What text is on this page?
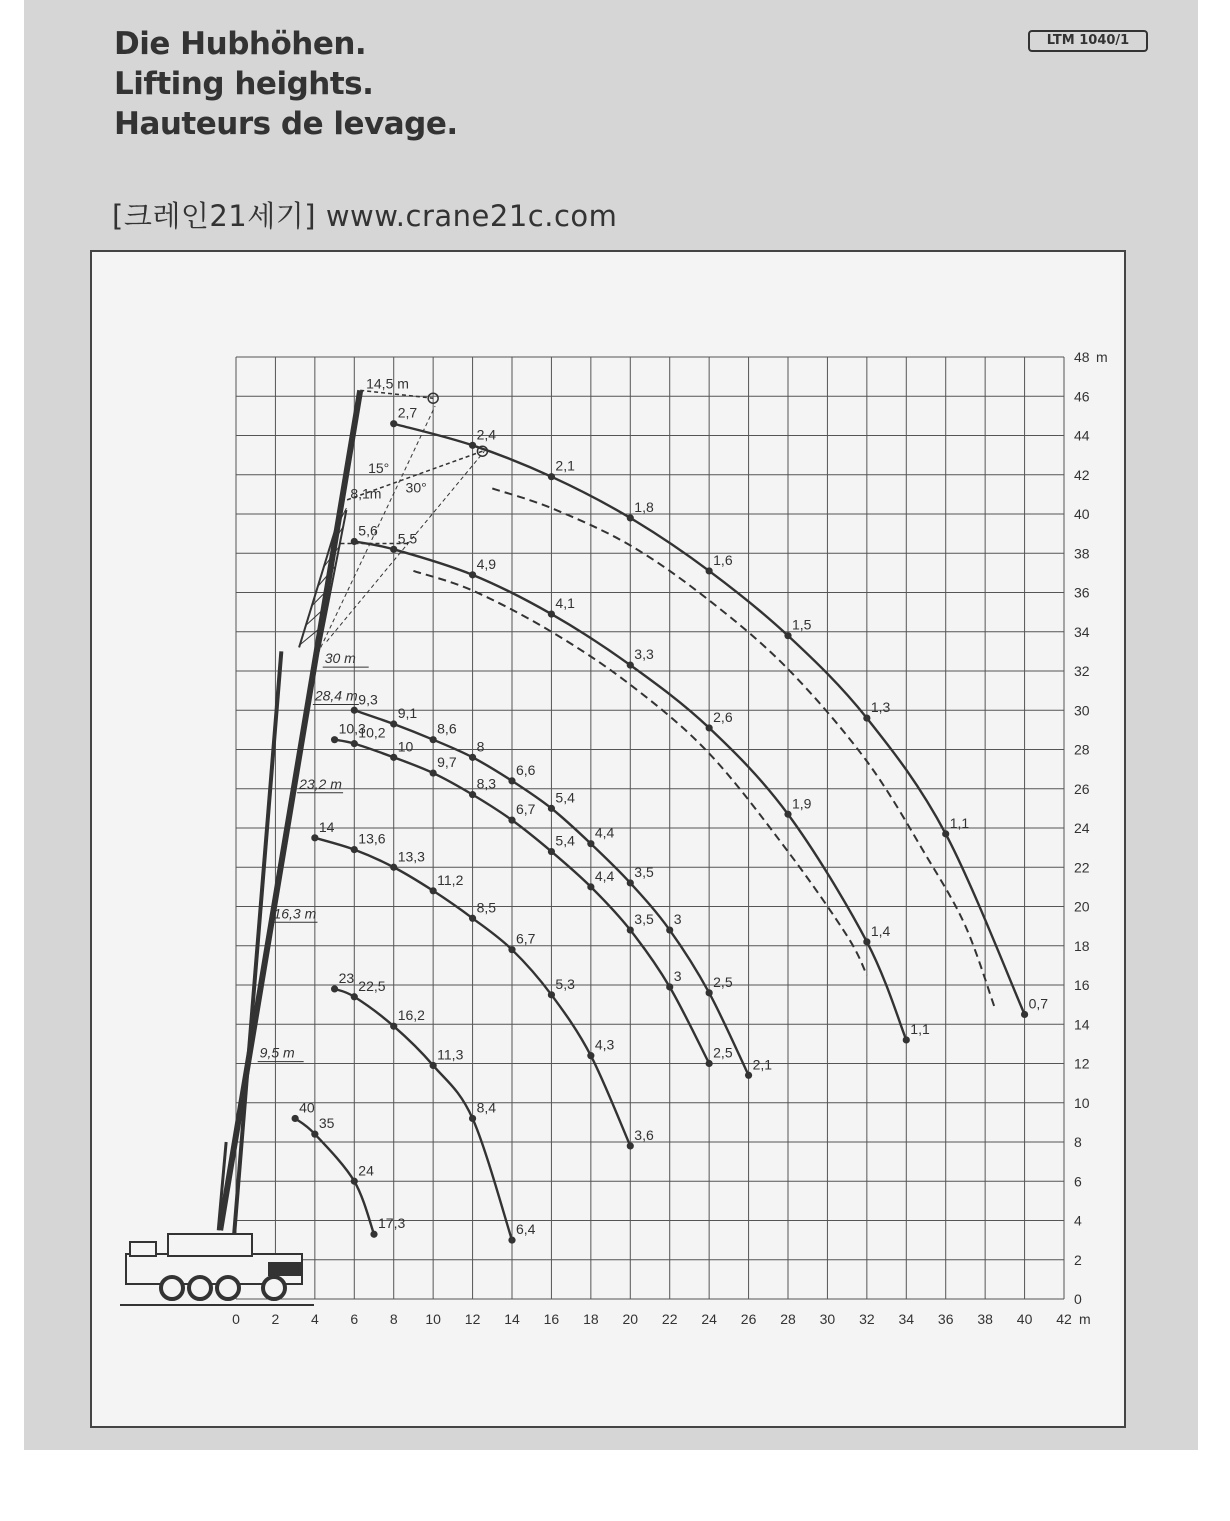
Die Hubhöhen.
Lifting heights.
Hauteurs de levage.
LTM 1040/1
[크레인21세기] www.crane21c.com
9,5 m
16,3 m
23,2 m
28,4 m
30 m
8,1m
14,5 m
15°
30°
40
35
24
17,3
23 22,5
16,2
11,3
8,4
6,4
14
13,6
13,3
11,2
8,5
6,7
5,3
4,3
3,6
10,3
10,2
10
9,7
8,3
6,7
5,4
4,4
3,5
3
2,5
9,3
9,1
8,6
8
6,6
5,4
4,4
3,5
3
2,5
2,1
5,6 5,5
4,9
4,1
3,3
2,6
1,9
1,4
1,1
2,7
2,4
2,1
1,8
1,6
1,5
1,3
1,1
0,7
0 2 4 6 8 10 12 14 16 18 20 22 24 26 28 30 32 34 36 38 40 42 m
0
2
4
6
8
10
12
14
16
18
20
22
24
26
28
30
32
34
36
38
40
42
44
46
48 m
